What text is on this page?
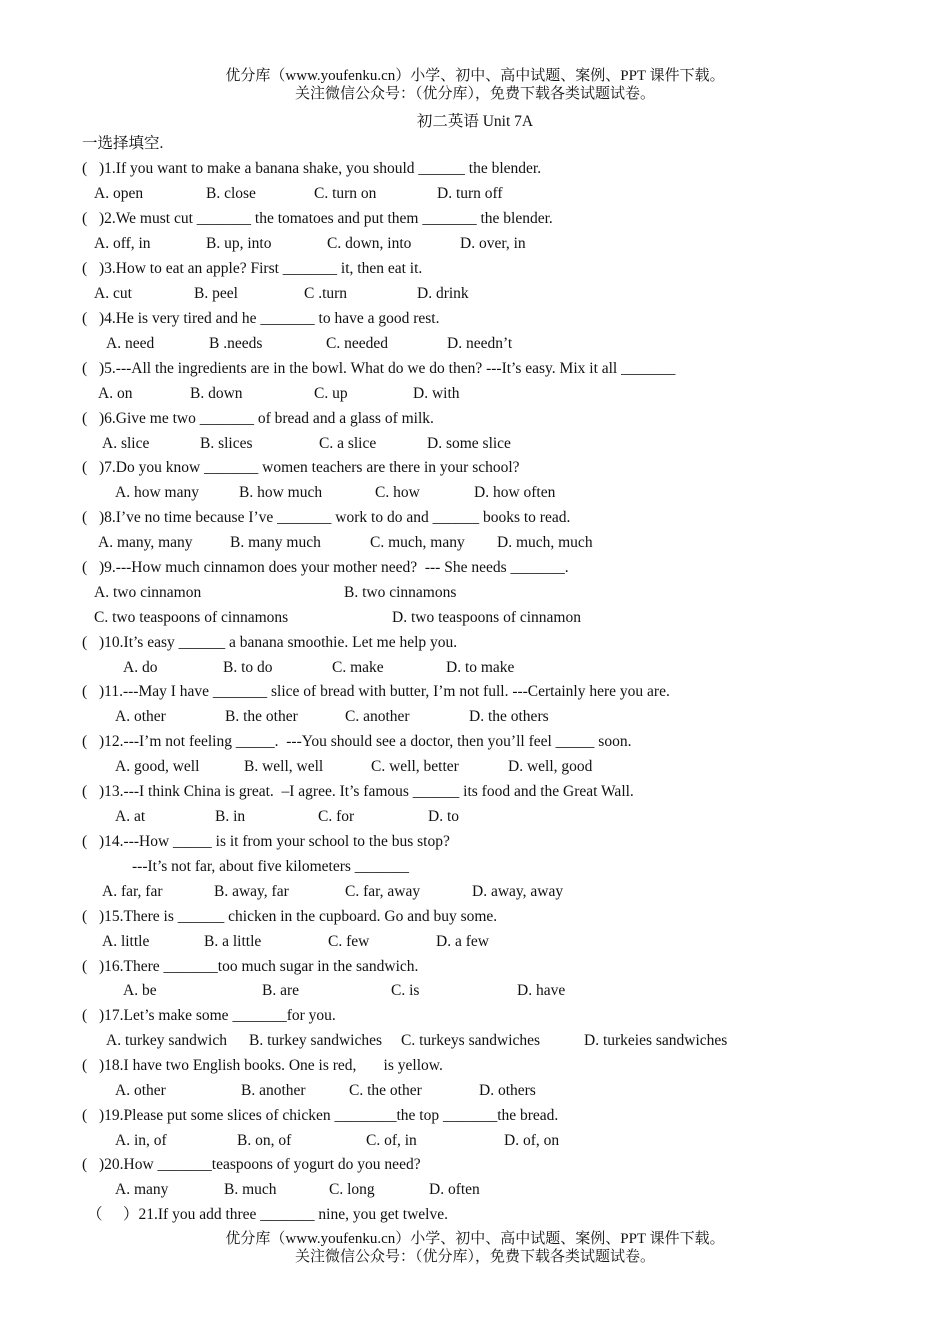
优分库（www.youfenku.cn）小学、初中、高中试题、案例、PPT 课件下载。
关注微信公众号：（优分库），免费下载各类试题试卷。
初二英语 Unit 7A
一选择填空.
( )1.If you want to make a banana shake, you should ______ the blender.
A. open	B. close	C. turn on	D. turn off
( )2.We must cut _______ the tomatoes and put them _______ the blender.
A. off, in	B. up, into	C. down, into	D. over, in
( )3.How to eat an apple? First _______ it, then eat it.
A. cut	B. peel	C .turn	D. drink
( )4.He is very tired and he _______ to have a good rest.
A. need	B .needs	C. needed	D. needn’t
( )5.---All the ingredients are in the bowl. What do we do then? ---It’s easy. Mix it all _______
A. on	B. down	C. up	D. with
( )6.Give me two _______ of bread and a glass of milk.
A. slice	B. slices	C. a slice	D. some slice
( )7.Do you know _______ women teachers are there in your school?
A. how many	B. how much	C. how	D. how often
( )8.I’ve no time because I’ve _______ work to do and ______ books to read.
A. many, many B. many much	C. much, many D. much, much
( )9.---How much cinnamon does your mother need?  --- She needs _______.
A. two cinnamon	B. two cinnamons
C. two teaspoons of cinnamons	D. two teaspoons of cinnamon
( )10.It’s easy ______ a banana smoothie. Let me help you.
A. do	B. to do	C. make	D. to make
( )11.---May I have _______ slice of bread with butter, I’m not full. ---Certainly here you are.
A. other	B. the other	C. another	D. the others
( )12.---I’m not feeling _____.  ---You should see a doctor, then you’ll feel _____ soon.
A. good, well	B. well, well	C. well, better	D. well, good
( )13.---I think China is great.  –I agree. It’s famous ______ its food and the Great Wall.
A. at	B. in	C. for	D. to
( )14.---How _____ is it from your school to the bus stop?
---It’s not far, about five kilometers _______
A. far, far	B. away, far	C. far, away	D. away, away
( )15.There is ______ chicken in the cupboard. Go and buy some.
A. little	B. a little	C. few	D. a few
( )16.There _______too much sugar in the sandwich.
A. be	B. are	C. is	D. have
( )17.Let’s make some _______for you.
A. turkey sandwich B. turkey sandwiches C. turkeys sandwiches	D. turkeies sandwiches
( )18.I have two English books. One is red,       is yellow.
A. other	B. another	C. the other	D. others
( )19.Please put some slices of chicken ________the top _______the bread.
A. in, of	B. on, of	C. of, in	D. of, on
( )20.How _______teaspoons of yogurt do you need?
A. many	B. much	C. long	D. often
（ ）21.If you add three _______ nine, you get twelve.
优分库（www.youfenku.cn）小学、初中、高中试题、案例、PPT 课件下载。
关注微信公众号：（优分库），免费下载各类试题试卷。
